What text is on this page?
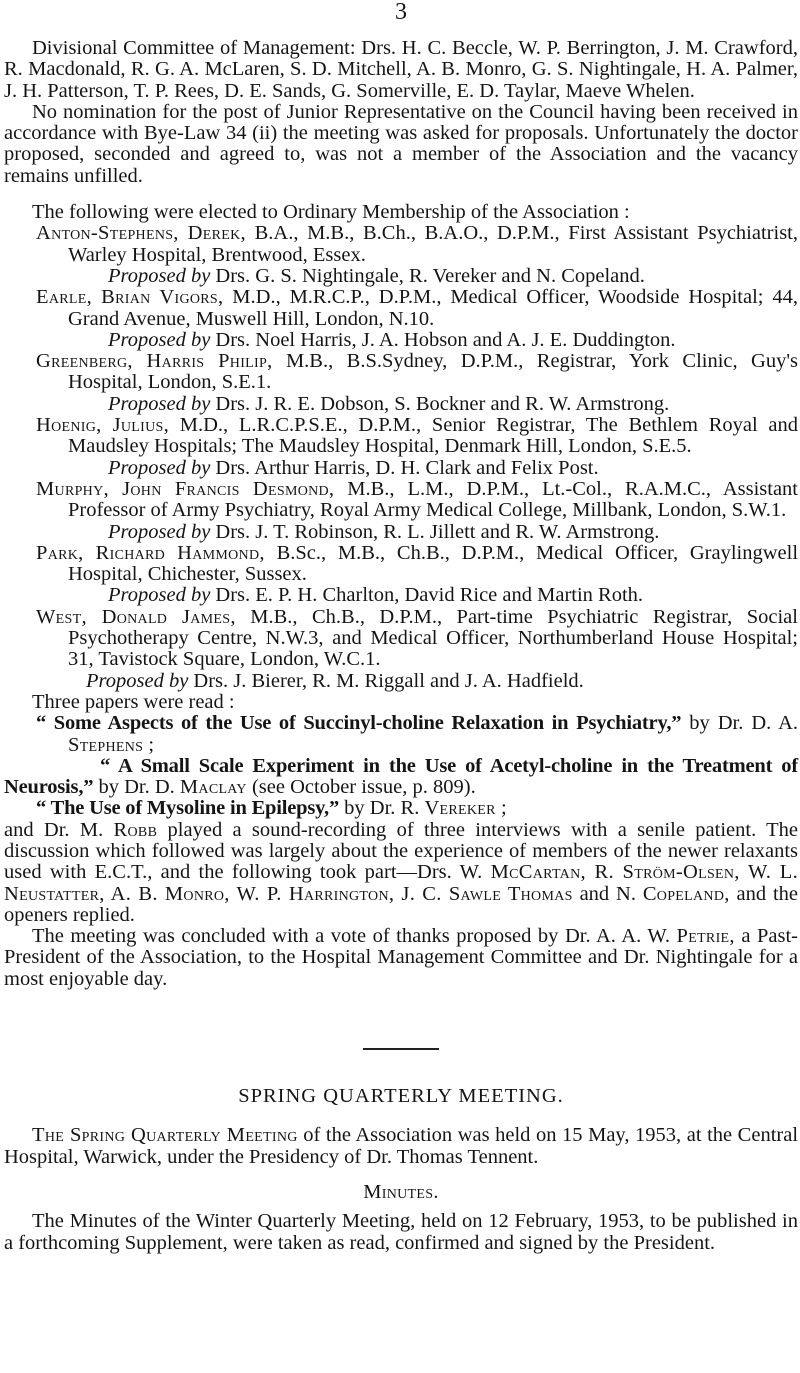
3

Divisional Committee of Management: Drs. H. C. Beccle, W. P. Berrington, J. M. Crawford, R. Macdonald, R. G. A. McLaren, S. D. Mitchell, A. B. Monro, G. S. Nightingale, H. A. Palmer, J. H. Patterson, T. P. Rees, D. E. Sands, G. Somerville, E. D. Taylar, Maeve Whelen.

No nomination for the post of Junior Representative on the Council having been received in accordance with Bye-Law 34 (ii) the meeting was asked for proposals. Unfortunately the doctor proposed, seconded and agreed to, was not a member of the Association and the vacancy remains unfilled.

The following were elected to Ordinary Membership of the Association :

Anton-Stephens, Derek, B.A., M.B., B.Ch., B.A.O., D.P.M., First Assistant Psychiatrist, Warley Hospital, Brentwood, Essex.

Proposed by Drs. G. S. Nightingale, R. Vereker and N. Copeland.

Earle, Brian Vigors, M.D., M.R.C.P., D.P.M., Medical Officer, Woodside Hospital; 44, Grand Avenue, Muswell Hill, London, N.10.

Proposed by Drs. Noel Harris, J. A. Hobson and A. J. E. Duddington.

Greenberg, Harris Philip, M.B., B.S.Sydney, D.P.M., Registrar, York Clinic, Guy's Hospital, London, S.E.1.

Proposed by Drs. J. R. E. Dobson, S. Bockner and R. W. Armstrong.

Hoenig, Julius, M.D., L.R.C.P.S.E., D.P.M., Senior Registrar, The Bethlem Royal and Maudsley Hospitals; The Maudsley Hospital, Denmark Hill, London, S.E.5.

Proposed by Drs. Arthur Harris, D. H. Clark and Felix Post.

Murphy, John Francis Desmond, M.B., L.M., D.P.M., Lt.-Col., R.A.M.C., Assistant Professor of Army Psychiatry, Royal Army Medical College, Millbank, London, S.W.1.

Proposed by Drs. J. T. Robinson, R. L. Jillett and R. W. Armstrong.

Park, Richard Hammond, B.Sc., M.B., Ch.B., D.P.M., Medical Officer, Graylingwell Hospital, Chichester, Sussex.

Proposed by Drs. E. P. H. Charlton, David Rice and Martin Roth.

West, Donald James, M.B., Ch.B., D.P.M., Part-time Psychiatric Registrar, Social Psychotherapy Centre, N.W.3, and Medical Officer, Northumberland House Hospital; 31, Tavistock Square, London, W.C.1.

Proposed by Drs. J. Bierer, R. M. Riggall and J. A. Hadfield.

Three papers were read :

“ Some Aspects of the Use of Succinyl-choline Relaxation in Psychiatry,” by Dr. D. A. Stephens ;

“ A Small Scale Experiment in the Use of Acetyl-choline in the Treatment of Neurosis,” by Dr. D. Maclay (see October issue, p. 809).

“ The Use of Mysoline in Epilepsy,” by Dr. R. Vereker ;

and Dr. M. Robb played a sound-recording of three interviews with a senile patient. The discussion which followed was largely about the experience of members of the newer relaxants used with E.C.T., and the following took part—Drs. W. McCartan, R. Ström-Olsen, W. L. Neustatter, A. B. Monro, W. P. Harrington, J. C. Sawle Thomas and N. Copeland, and the openers replied.

The meeting was concluded with a vote of thanks proposed by Dr. A. A. W. Petrie, a Past-President of the Association, to the Hospital Management Committee and Dr. Nightingale for a most enjoyable day.

SPRING QUARTERLY MEETING.

The Spring Quarterly Meeting of the Association was held on 15 May, 1953, at the Central Hospital, Warwick, under the Presidency of Dr. Thomas Tennent.

Minutes.

The Minutes of the Winter Quarterly Meeting, held on 12 February, 1953, to be published in a forthcoming Supplement, were taken as read, confirmed and signed by the President.
